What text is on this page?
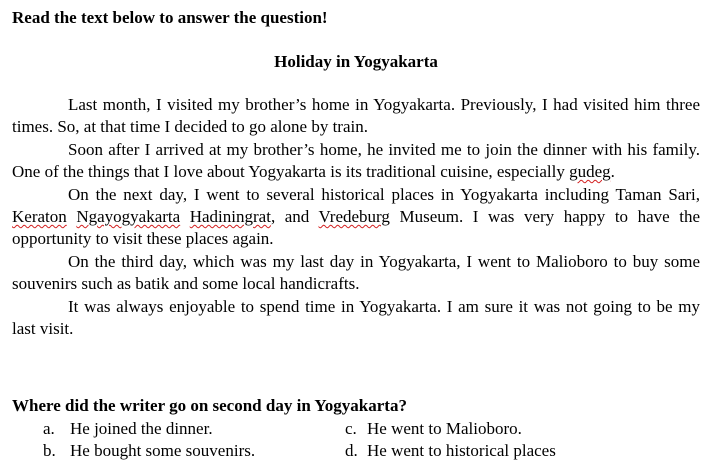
Read the text below to answer the question!
Holiday in Yogyakarta

Last month, I visited my brother’s home in Yogyakarta. Previously, I had visited him three times. So, at that time I decided to go alone by train.

Soon after I arrived at my brother’s home, he invited me to join the dinner with his family. One of the things that I love about Yogyakarta is its traditional cuisine, especially gudeg.

On the next day, I went to several historical places in Yogyakarta including Taman Sari, Keraton Ngayogyakarta Hadiningrat, and Vredeburg Museum. I was very happy to have the opportunity to visit these places again.

On the third day, which was my last day in Yogyakarta, I went to Malioboro to buy some souvenirs such as batik and some local handicrafts.

It was always enjoyable to spend time in Yogyakarta. I am sure it was not going to be my last visit.

Where did the writer go on second day in Yogyakarta?
a. He joined the dinner.
b. He bought some souvenirs.
c. He went to Malioboro.
d. He went to historical places
